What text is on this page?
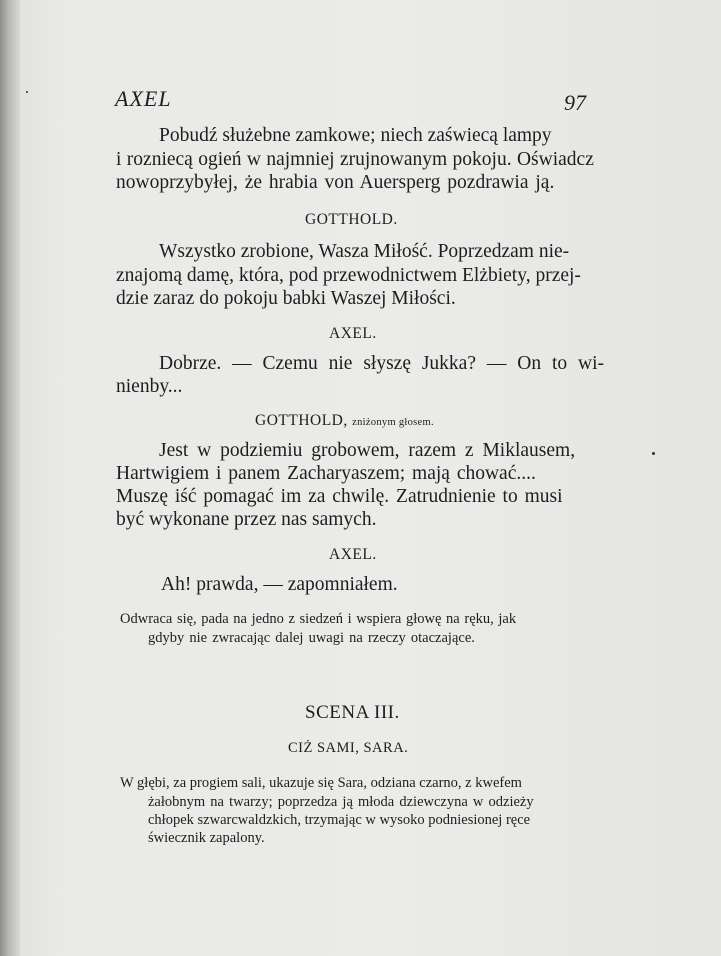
AXEL	97
Pobudź służebne zamkowe; niech zaświecą lampy
i rozniecą ogień w najmniej zrujnowanym pokoju. Oświadcz
nowoprzybyłej, że hrabia von Auersperg pozdrawia ją.
GOTTHOLD.
Wszystko zrobione, Wasza Miłość. Poprzedzam nie-
znajomą damę, która, pod przewodnictwem Elżbiety, przej-
dzie zaraz do pokoju babki Waszej Miłości.
AXEL.
Dobrze. — Czemu nie słyszę Jukka? — On to wi-
nienby...
GOTTHOLD, zniżonym głosem.
Jest w podziemiu grobowem, razem z Miklausem,
Hartwigiem i panem Zacharyaszem; mają chować....
Muszę iść pomagać im za chwilę. Zatrudnienie to musi
być wykonane przez nas samych.
AXEL.
Ah! prawda, — zapomniałem.
Odwraca się, pada na jedno z siedzeń i wspiera głowę na ręku, jak
gdyby nie zwracając dalej uwagi na rzeczy otaczające.
SCENA III.
CIŻ SAMI, SARA.
W głębi, za progiem sali, ukazuje się Sara, odziana czarno, z kwefem
żałobnym na twarzy; poprzedza ją młoda dziewczyna w odzieży
chłopek szwarcwaldzkich, trzymając w wysoko podniesionej ręce
świecznik zapalony.
